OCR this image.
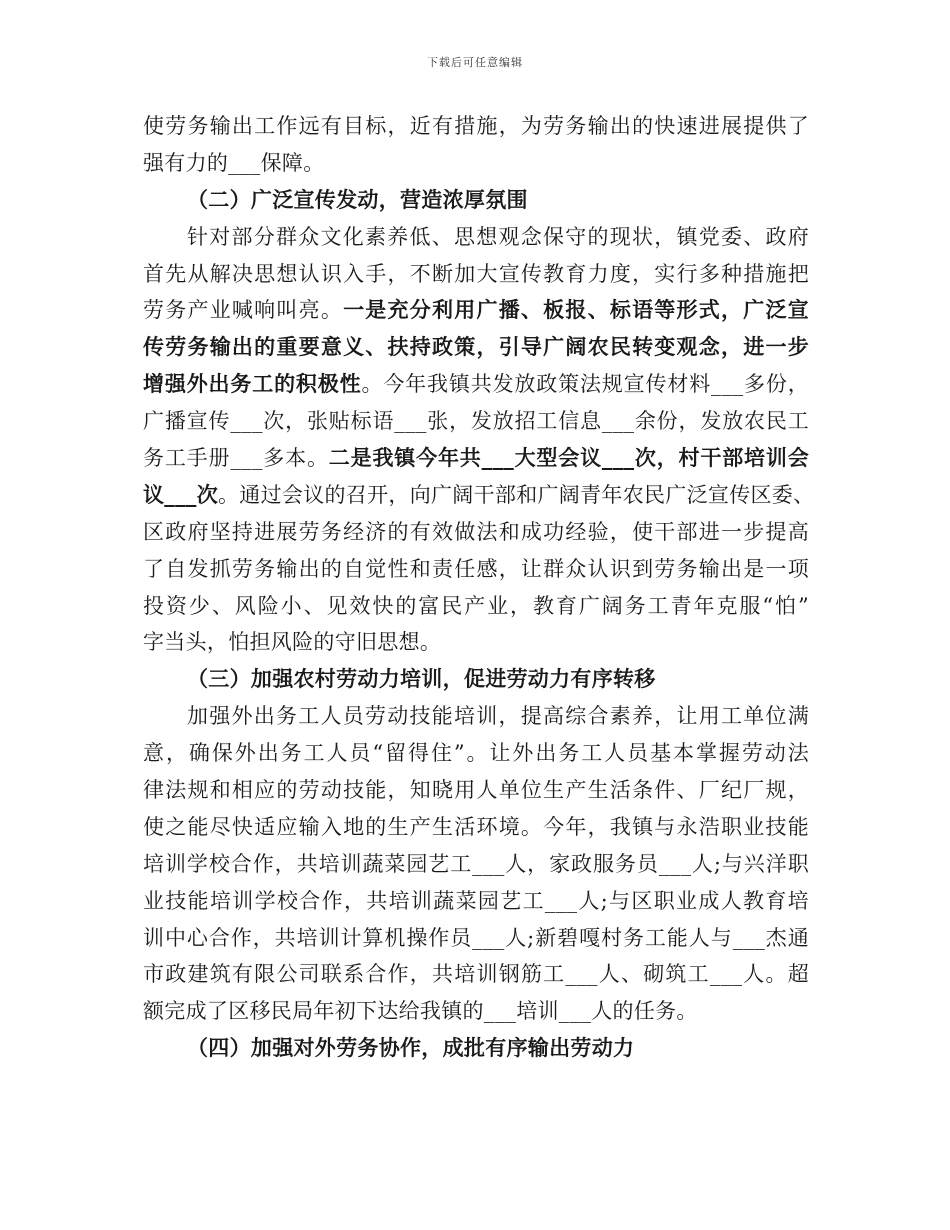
下载后可任意编辑
使劳务输出工作远有目标，近有措施，为劳务输出的快速进展提供了
强有力的___保障。
（二）广泛宣传发动，营造浓厚氛围
针对部分群众文化素养低、思想观念保守的现状，镇党委、政府
首先从解决思想认识入手，不断加大宣传教育力度，实行多种措施把
劳务产业喊响叫亮。一是充分利用广播、板报、标语等形式，广泛宣
传劳务输出的重要意义、扶持政策，引导广阔农民转变观念，进一步
增强外出务工的积极性。今年我镇共发放政策法规宣传材料___多份，
广播宣传___次，张贴标语___张，发放招工信息___余份，发放农民工
务工手册___多本。二是我镇今年共___大型会议___次，村干部培训会
议___次。通过会议的召开，向广阔干部和广阔青年农民广泛宣传区委、
区政府坚持进展劳务经济的有效做法和成功经验，使干部进一步提高
了自发抓劳务输出的自觉性和责任感，让群众认识到劳务输出是一项
投资少、风险小、见效快的富民产业，教育广阔务工青年克服“怕”
字当头，怕担风险的守旧思想。
（三）加强农村劳动力培训，促进劳动力有序转移
加强外出务工人员劳动技能培训，提高综合素养，让用工单位满
意，确保外出务工人员“留得住”。让外出务工人员基本掌握劳动法
律法规和相应的劳动技能，知晓用人单位生产生活条件、厂纪厂规，
使之能尽快适应输入地的生产生活环境。今年，我镇与永浩职业技能
培训学校合作，共培训蔬菜园艺工___人，家政服务员___人;与兴洋职
业技能培训学校合作，共培训蔬菜园艺工___人;与区职业成人教育培
训中心合作，共培训计算机操作员___人;新碧嘎村务工能人与___杰通
市政建筑有限公司联系合作，共培训钢筋工___人、砌筑工___人。超
额完成了区移民局年初下达给我镇的___培训___人的任务。
（四）加强对外劳务协作，成批有序输出劳动力
